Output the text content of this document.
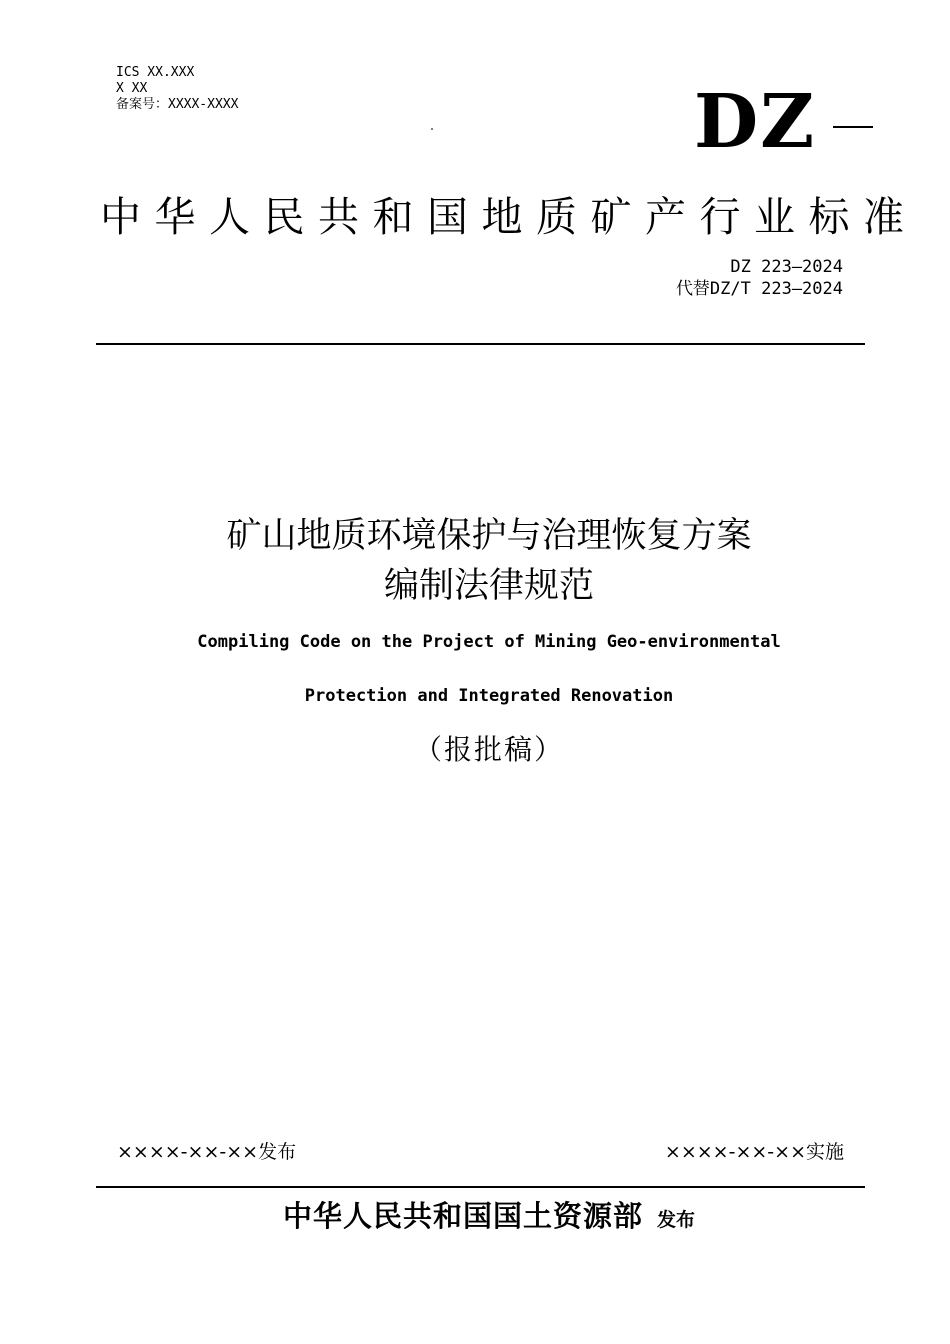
ICS XX.XXX
X XX
备案号：XXXX-XXXX	DZ
中华人民共和国地质矿产行业标准
DZ 223—2024
代替DZ/T 223—2024
矿山地质环境保护与治理恢复方案
编制法律规范
Compiling Code on the Project of Mining Geo-environmental
Protection and Integrated Renovation
（报批稿）
××××-××-××发布	××××-××-××实施
中华人民共和国国土资源部 发布
